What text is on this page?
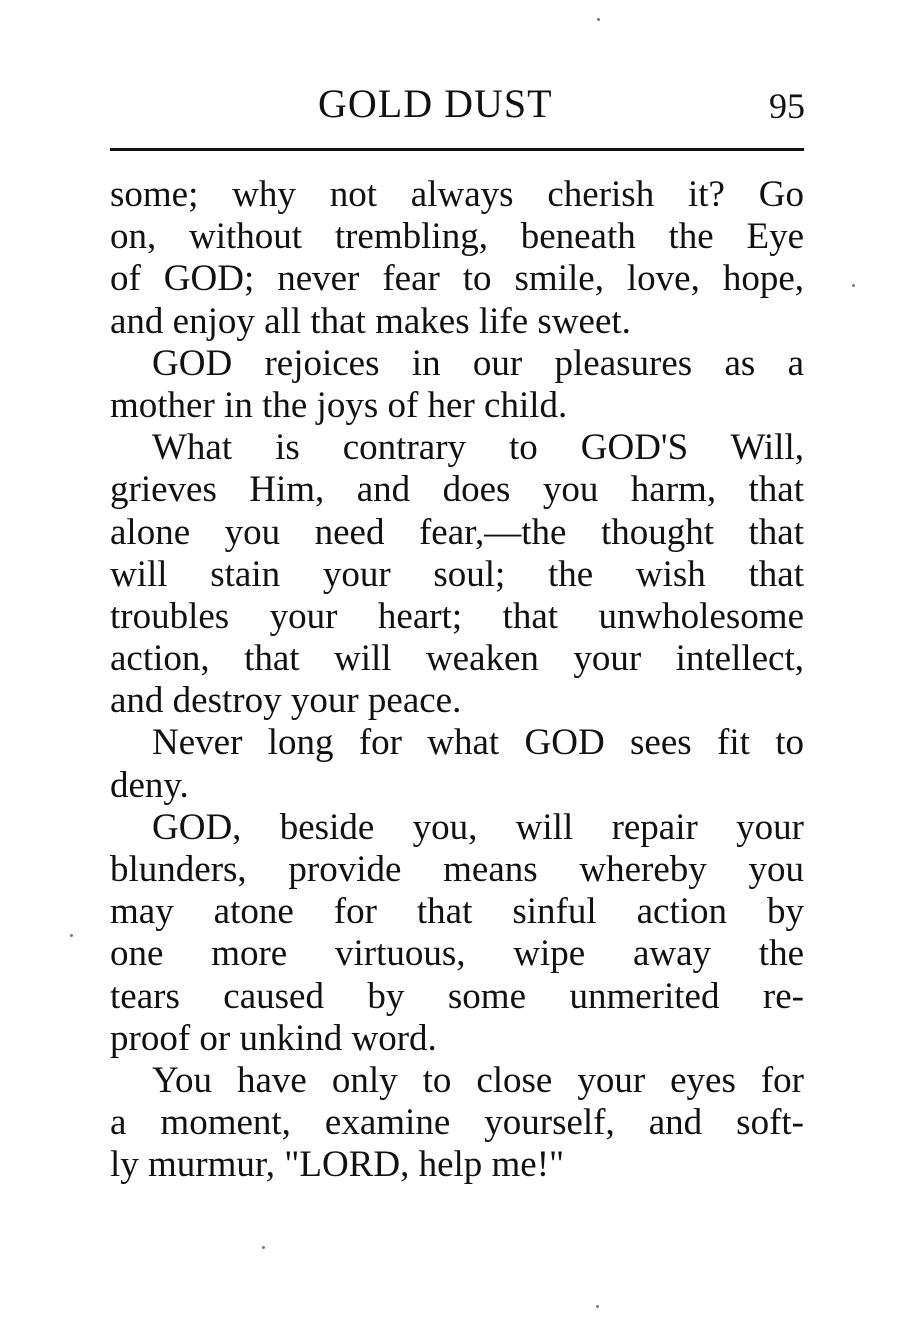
GOLD DUST	95
some; why not always cherish it? Go
on, without trembling, beneath the Eye
of GOD; never fear to smile, love, hope,
and enjoy all that makes life sweet.
GOD rejoices in our pleasures as a
mother in the joys of her child.
What is contrary to GOD'S Will,
grieves Him, and does you harm, that
alone you need fear,—the thought that
will stain your soul; the wish that
troubles your heart; that unwholesome
action, that will weaken your intellect,
and destroy your peace.
Never long for what GOD sees fit to
deny.
GOD, beside you, will repair your
blunders, provide means whereby you
may atone for that sinful action by
one more virtuous, wipe away the
tears caused by some unmerited re-
proof or unkind word.
You have only to close your eyes for
a moment, examine yourself, and soft-
ly murmur, "LORD, help me!"
